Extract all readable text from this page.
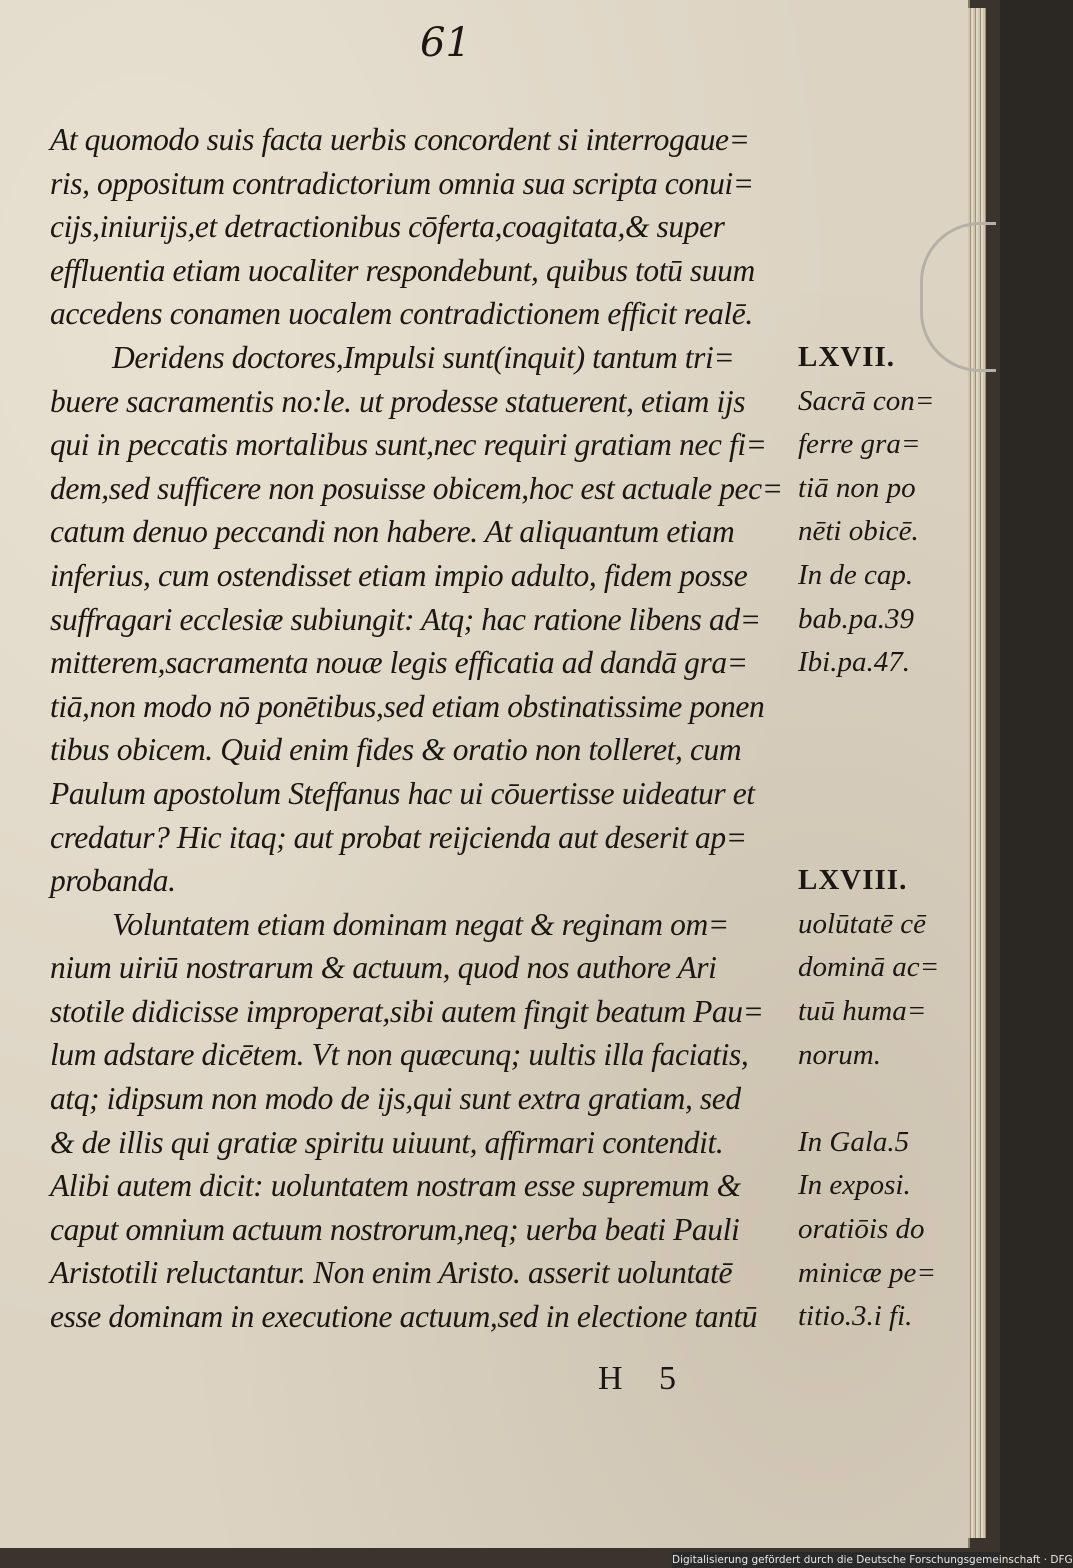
61
At quomodo suis facta uerbis concordent si interrogaue=
ris, oppositum contradictorium omnia sua scripta conui=
cijs,iniurijs,et detractionibus cōferta,coagitata,& super
effluentia etiam uocaliter respondebunt, quibus totū suum
accedens conamen uocalem contradictionem efficit realē.
Deridens doctores,Impulsi sunt(inquit) tantum tri=
buere sacramentis no:le. ut prodesse statuerent, etiam ijs
qui in peccatis mortalibus sunt,nec requiri gratiam nec fi=
dem,sed sufficere non posuisse obicem,hoc est actuale pec=
catum denuo peccandi non habere. At aliquantum etiam
inferius, cum ostendisset etiam impio adulto, fidem posse
suffragari ecclesiæ subiungit: Atq; hac ratione libens ad=
mitterem,sacramenta nouæ legis efficatia ad dandā gra=
tiā,non modo nō ponētibus,sed etiam obstinatissime ponen
tibus obicem. Quid enim fides & oratio non tolleret, cum
Paulum apostolum Steffanus hac ui cōuertisse uideatur et
credatur? Hic itaq; aut probat reijcienda aut deserit ap=
probanda.
Voluntatem etiam dominam negat & reginam om=
nium uiriū nostrarum & actuum, quod nos authore Ari
stotile didicisse improperat,sibi autem fingit beatum Pau=
lum adstare dicētem. Vt non quæcunq; uultis illa faciatis,
atq; idipsum non modo de ijs,qui sunt extra gratiam, sed
& de illis qui gratiæ spiritu uiuunt, affirmari contendit.
Alibi autem dicit: uoluntatem nostram esse supremum &
caput omnium actuum nostrorum,neq; uerba beati Pauli
Aristotili reluctantur. Non enim Aristo. asserit uoluntatē
esse dominam in executione actuum,sed in electione tantū
LXVII.
Sacrā con=
ferre gra=
tiā non po
nēti obicē.
In de cap.
bab.pa.39
Ibi.pa.47.
LXVIII.
uolūtatē cē
dominā ac=
tuū huma=
norum.
In Gala.5
In exposi.
oratiōis do
minicæ pe=
titio.3.i fi.
H 5
Digitalisierung gefördert durch die Deutsche Forschungsgemeinschaft · DFG
